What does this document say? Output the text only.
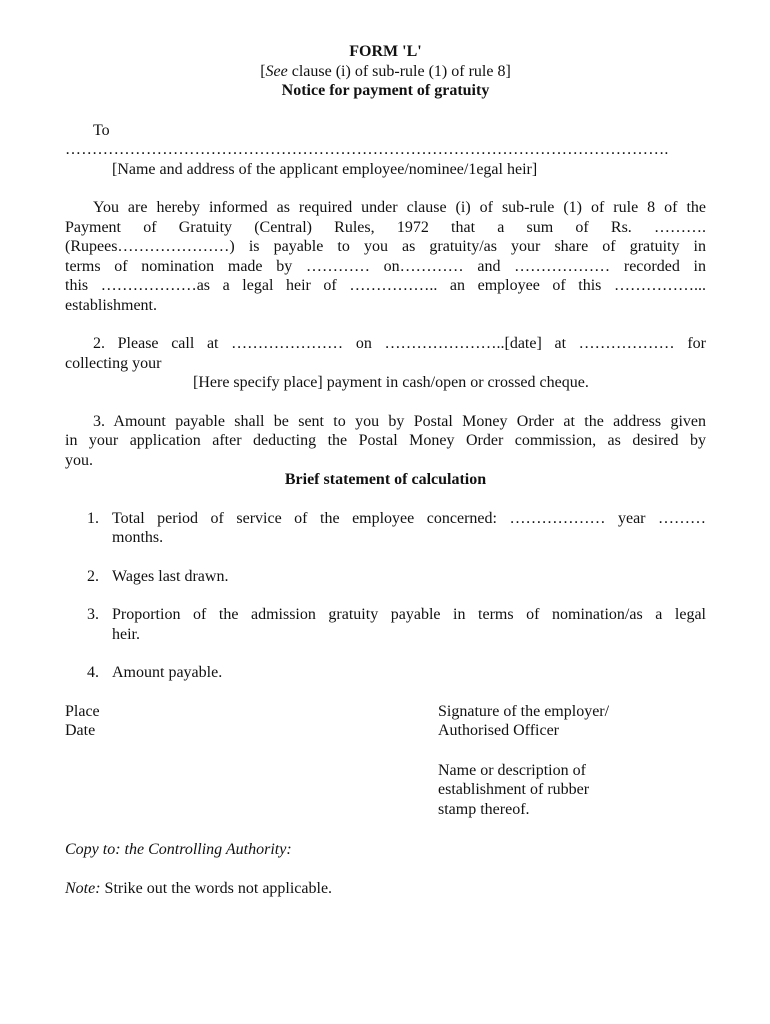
FORM 'L'

[See clause (i) of sub-rule (1) of rule 8]

Notice for payment of gratuity

To

………………………………………………………………………………………………….

[Name and address of the applicant employee/nominee/1egal heir]

You are hereby informed as required under clause (i) of sub-rule (1) of rule 8 of the

Payment of Gratuity (Central) Rules, 1972 that a sum of Rs. ……….

(Rupees…………………) is payable to you as gratuity/as your share of gratuity in

terms of nomination made by ………… on………… and ……………… recorded in

this ………………as a legal heir of …………….. an employee of this ……………...

establishment.

2. Please call at ………………… on …………………..[date] at ……………… for

collecting your

[Here specify place] payment in cash/open or crossed cheque.

3. Amount payable shall be sent to you by Postal Money Order at the address given

in your application after deducting the Postal Money Order commission, as desired by

you.

Brief statement of calculation

1. Total period of service of the employee concerned: ……………… year ………

months.

2. Wages last drawn.

3. Proportion of the admission gratuity payable in terms of nomination/as a legal

heir.

4. Amount payable.

Place

Date

Signature of the employer/

Authorised Officer

Name or description of

establishment of rubber

stamp thereof.

Copy to: the Controlling Authority:

Note: Strike out the words not applicable.
